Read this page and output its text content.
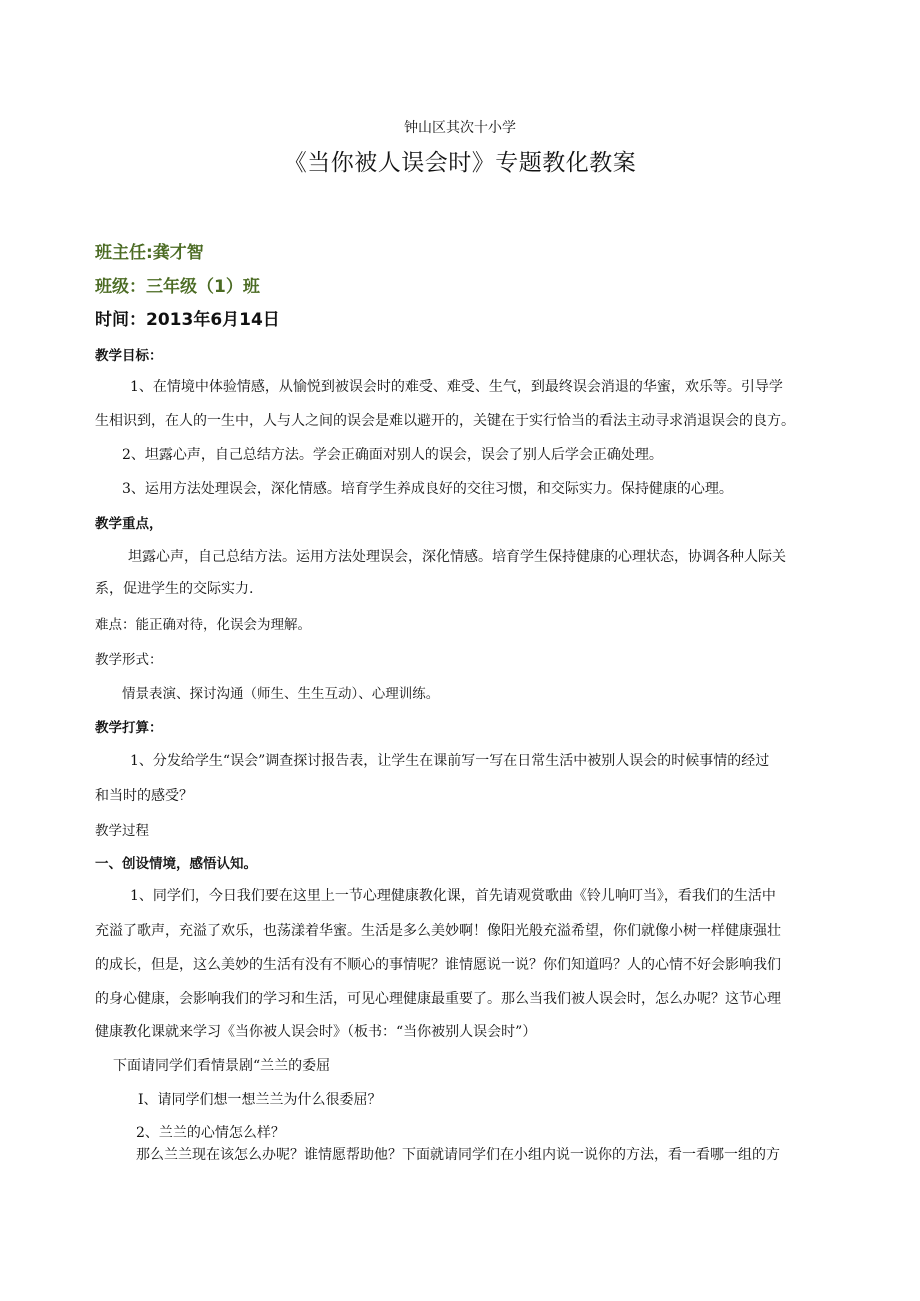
钟山区其次十小学
《当你被人误会时》专题教化教案
班主任:龚才智
班级：三年级（1）班
时间：2013年6月14日
教学目标：
1、在情境中体验情感，从愉悦到被误会时的难受、难受、生气，到最终误会消退的华蜜，欢乐等。引导学
生相识到，在人的一生中，人与人之间的误会是难以避开的，关键在于实行恰当的看法主动寻求消退误会的良方。
2、坦露心声，自己总结方法。学会正确面对别人的误会，误会了别人后学会正确处理。
3、运用方法处理误会，深化情感。培育学生养成良好的交往习惯，和交际实力。保持健康的心理。
教学重点，
坦露心声，自己总结方法。运用方法处理误会，深化情感。培育学生保持健康的心理状态，协调各种人际关
系，促进学生的交际实力.
难点：能正确对待，化误会为理解。
教学形式：
情景表演、探讨沟通（师生、生生互动）、心理训练。
教学打算：
1、分发给学生“误会”调查探讨报告表，让学生在课前写一写在日常生活中被别人误会的时候事情的经过
和当时的感受？
教学过程
一、创设情境，感悟认知。
1、同学们，今日我们要在这里上一节心理健康教化课，首先请观赏歌曲《铃儿响叮当》，看我们的生活中
充溢了歌声，充溢了欢乐，也荡漾着华蜜。生活是多么美妙啊！像阳光般充溢希望，你们就像小树一样健康强壮
的成长，但是，这么美妙的生活有没有不顺心的事情呢？谁情愿说一说？你们知道吗？人的心情不好会影响我们
的身心健康，会影响我们的学习和生活，可见心理健康最重要了。那么当我们被人误会时，怎么办呢？这节心理
健康教化课就来学习《当你被人误会时》（板书：“当你被别人误会时”）
下面请同学们看情景剧“兰兰的委屈
I、请同学们想一想兰兰为什么很委屈？
2、兰兰的心情怎么样？
那么兰兰现在该怎么办呢？谁情愿帮助他？下面就请同学们在小组内说一说你的方法，看一看哪一组的方
